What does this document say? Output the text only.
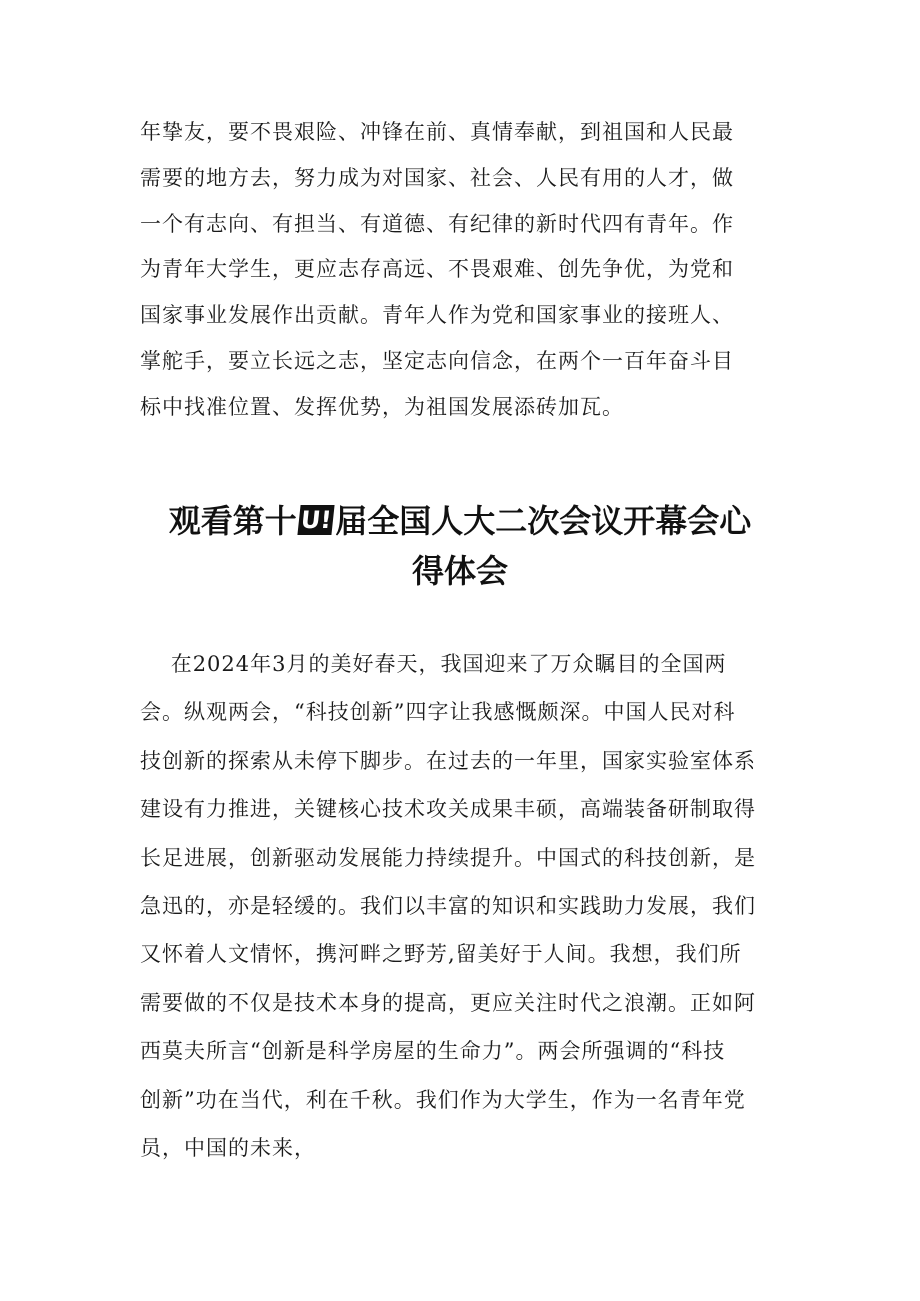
年挚友，要不畏艰险、冲锋在前、真情奉献，到祖国和人民最
需要的地方去，努力成为对国家、社会、人民有用的人才，做
一个有志向、有担当、有道德、有纪律的新时代四有青年。作
为青年大学生，更应志存高远、不畏艰难、创先争优，为党和
国家事业发展作出贡献。青年人作为党和国家事业的接班人、
掌舵手，要立长远之志，坚定志向信念，在两个一百年奋斗目
标中找准位置、发挥优势，为祖国发展添砖加瓦。
观看第十 U!届全国人大二次会议开幕会心
得体会
在2024年3月的美好春天，我国迎来了万众瞩目的全国两
会。纵观两会，“科技创新”四字让我感慨颇深。中国人民对科
技创新的探索从未停下脚步。在过去的一年里，国家实验室体系
建设有力推进，关键核心技术攻关成果丰硕，高端装备研制取得
长足进展，创新驱动发展能力持续提升。中国式的科技创新，是
急迅的，亦是轻缓的。我们以丰富的知识和实践助力发展，我们
又怀着人文情怀，携河畔之野芳,留美好于人间。我想，我们所
需要做的不仅是技术本身的提高，更应关注时代之浪潮。正如阿
西莫夫所言“创新是科学房屋的生命力”。两会所强调的“科技
创新”功在当代，利在千秋。我们作为大学生，作为一名青年党
员，中国的未来，
